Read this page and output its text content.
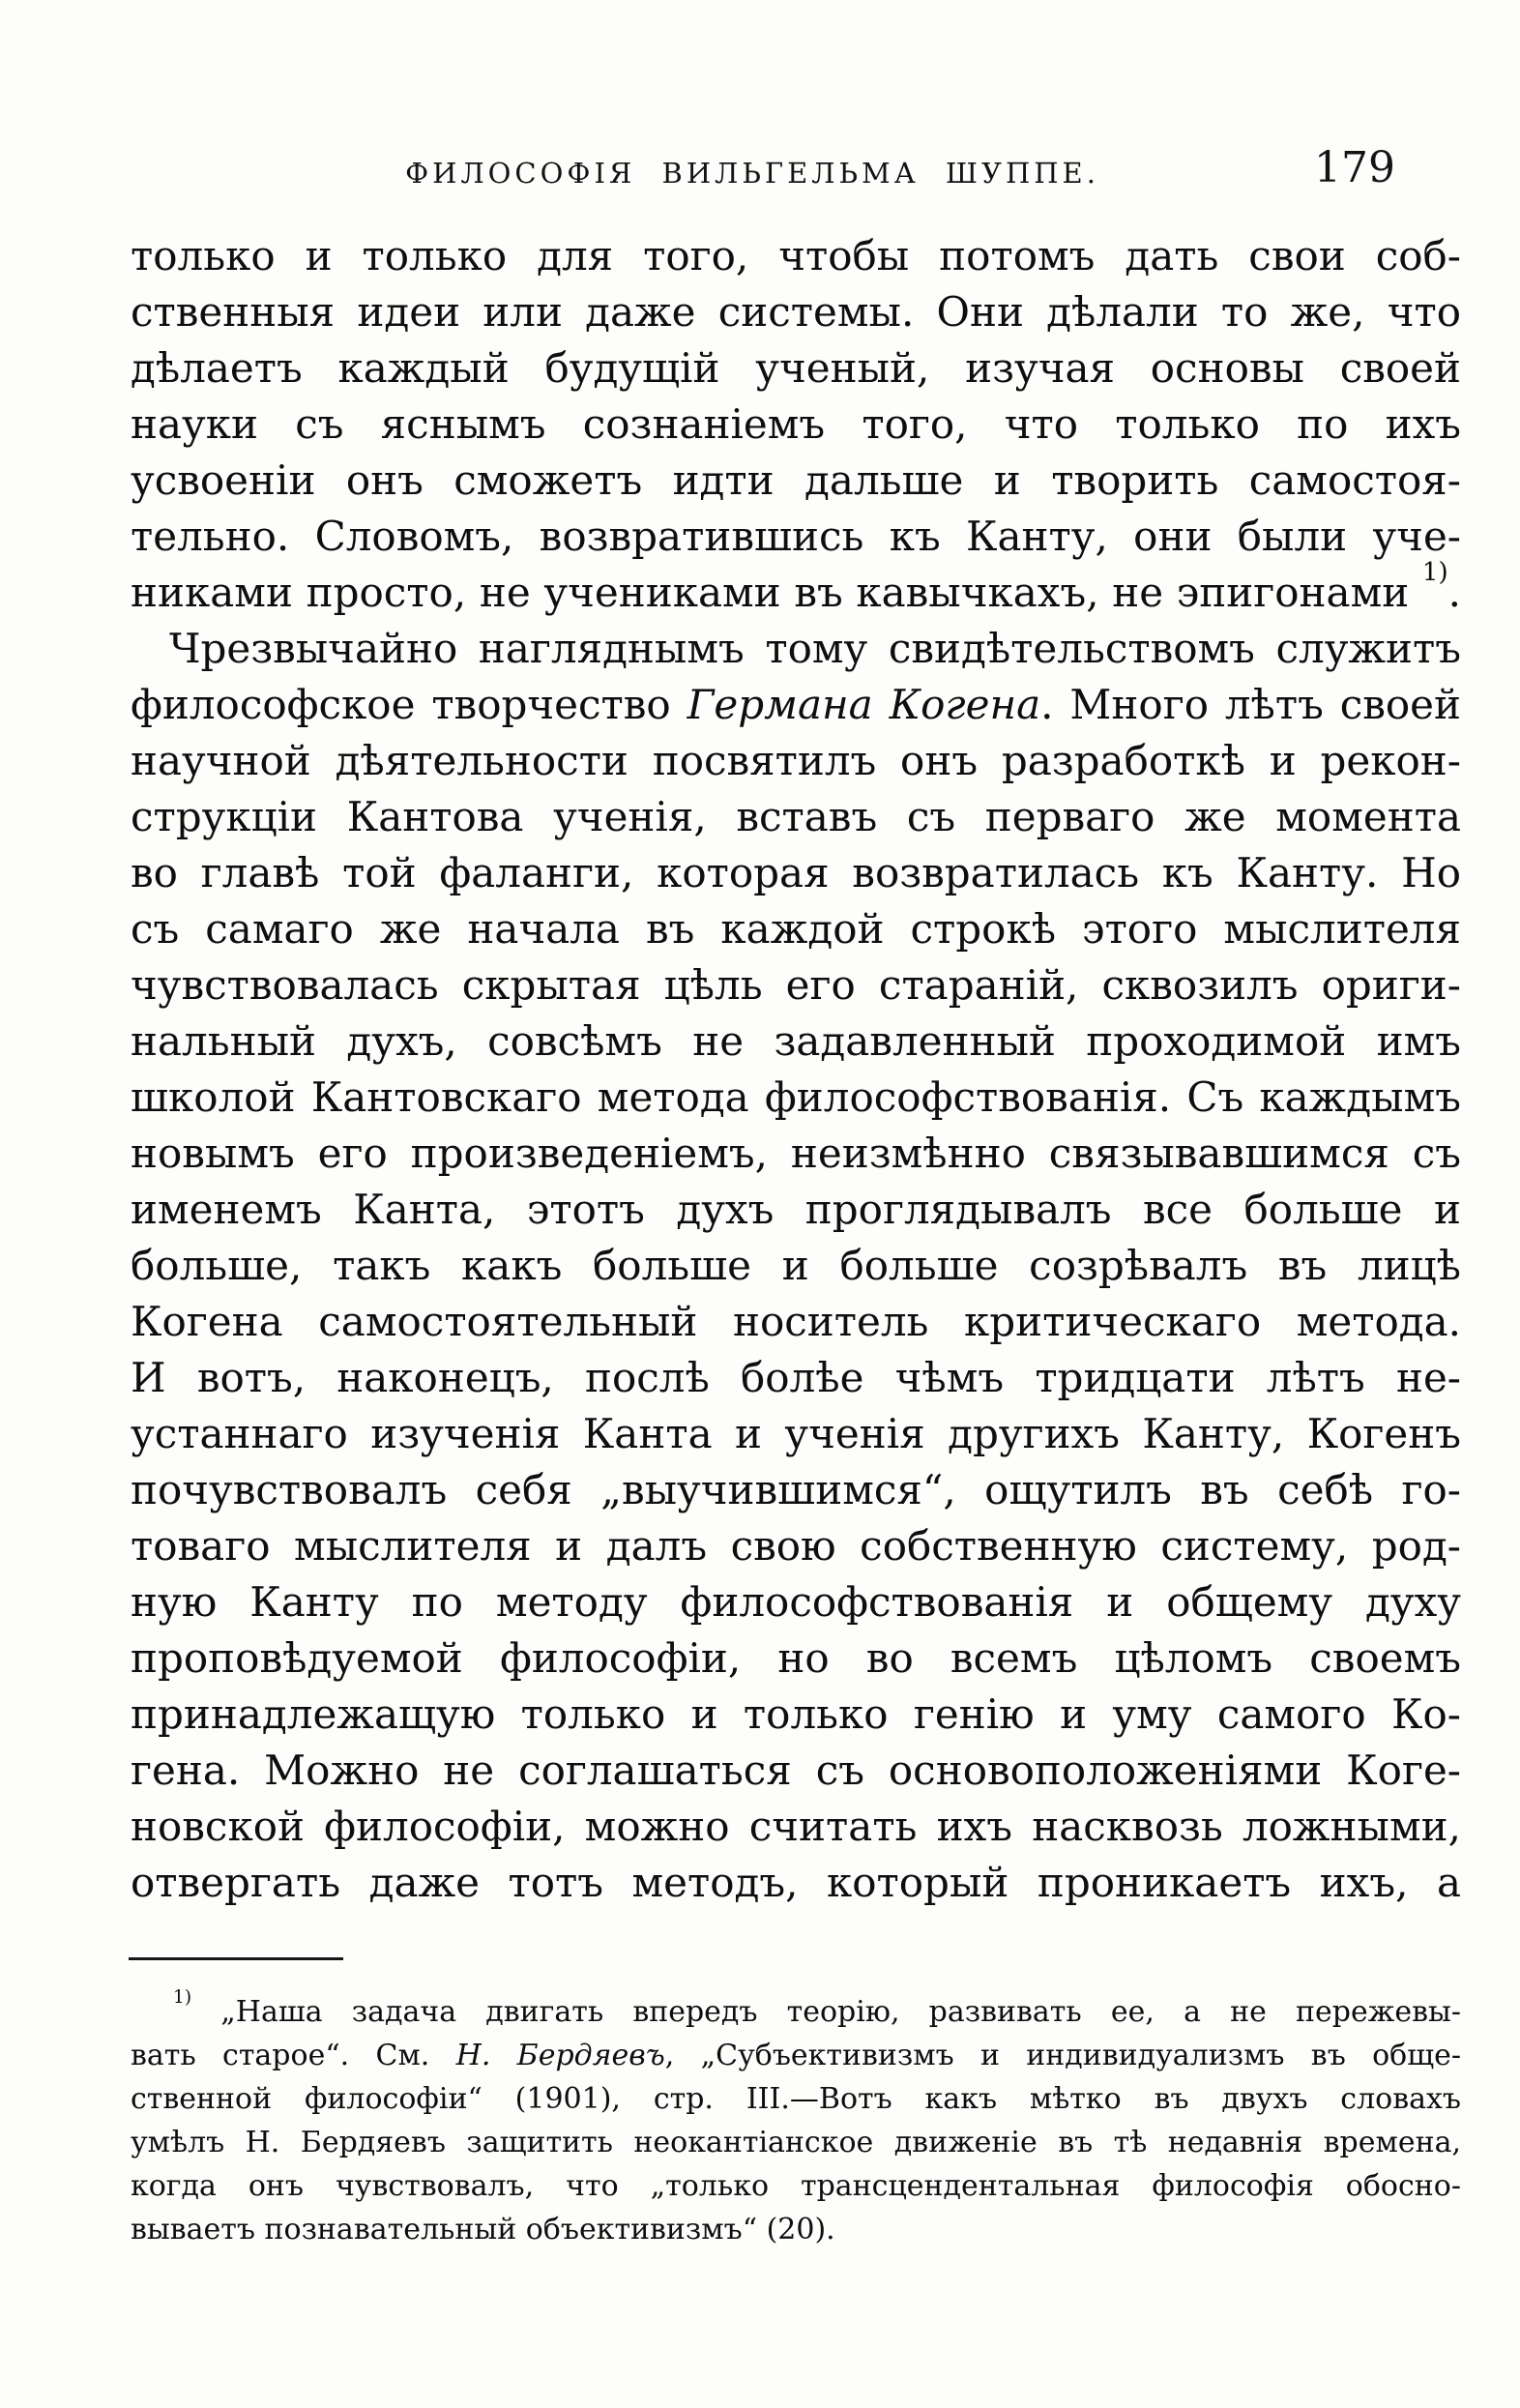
ФИЛОСОФІЯ ВИЛЬГЕЛЬМА ШУППЕ.	179
только и только для того, чтобы потомъ дать свои соб-
ственныя идеи или даже системы. Они дѣлали то же, что
дѣлаетъ каждый будущій ученый, изучая основы своей
науки съ яснымъ сознаніемъ того, что только по ихъ
усвоеніи онъ сможетъ идти дальше и творить самостоя-
тельно. Словомъ, возвратившись къ Канту, они были уче-
никами просто, не учениками въ кавычкахъ, не эпигонами $^{1)}$.
Чрезвычайно нагляднымъ тому свидѣтельствомъ служитъ
философское творчество Германа Когена. Много лѣтъ своей
научной дѣятельности посвятилъ онъ разработкѣ и рекон-
струкціи Кантова ученія, вставъ съ перваго же момента
во главѣ той фаланги, которая возвратилась къ Канту. Но
съ самаго же начала въ каждой строкѣ этого мыслителя
чувствовалась скрытая цѣль его стараній, сквозилъ ориги-
нальный духъ, совсѣмъ не задавленный проходимой имъ
школой Кантовскаго метода философствованія. Съ каждымъ
новымъ его произведеніемъ, неизмѣнно связывавшимся съ
именемъ Канта, этотъ духъ проглядывалъ все больше и
больше, такъ какъ больше и больше созрѣвалъ въ лицѣ
Когена самостоятельный носитель критическаго метода.
И вотъ, наконецъ, послѣ болѣе чѣмъ тридцати лѣтъ не-
устаннаго изученія Канта и ученія другихъ Канту, Когенъ
почувствовалъ себя „выучившимся“, ощутилъ въ себѣ го-
товаго мыслителя и далъ свою собственную систему, род-
ную Канту по методу философствованія и общему духу
проповѣдуемой философіи, но во всемъ цѣломъ своемъ
принадлежащую только и только генію и уму самого Ко-
гена. Можно не соглашаться съ основоположеніями Коге-
новской философіи, можно считать ихъ насквозь ложными,
отвергать даже тотъ методъ, который проникаетъ ихъ, а
$^{1)}$ „Наша задача двигать впередъ теорію, развивать ее, а не пережевы-
вать старое“. См. Н. Бердяевъ, „Субъективизмъ и индивидуализмъ въ обще-
ственной философіи“ (1901), стр. III.—Вотъ какъ мѣтко въ двухъ словахъ
умѣлъ Н. Бердяевъ защитить неокантіанское движеніе въ тѣ недавнія времена,
когда онъ чувствовалъ, что „только трансцендентальная философія обосно-
вываетъ познавательный объективизмъ“ (20).
